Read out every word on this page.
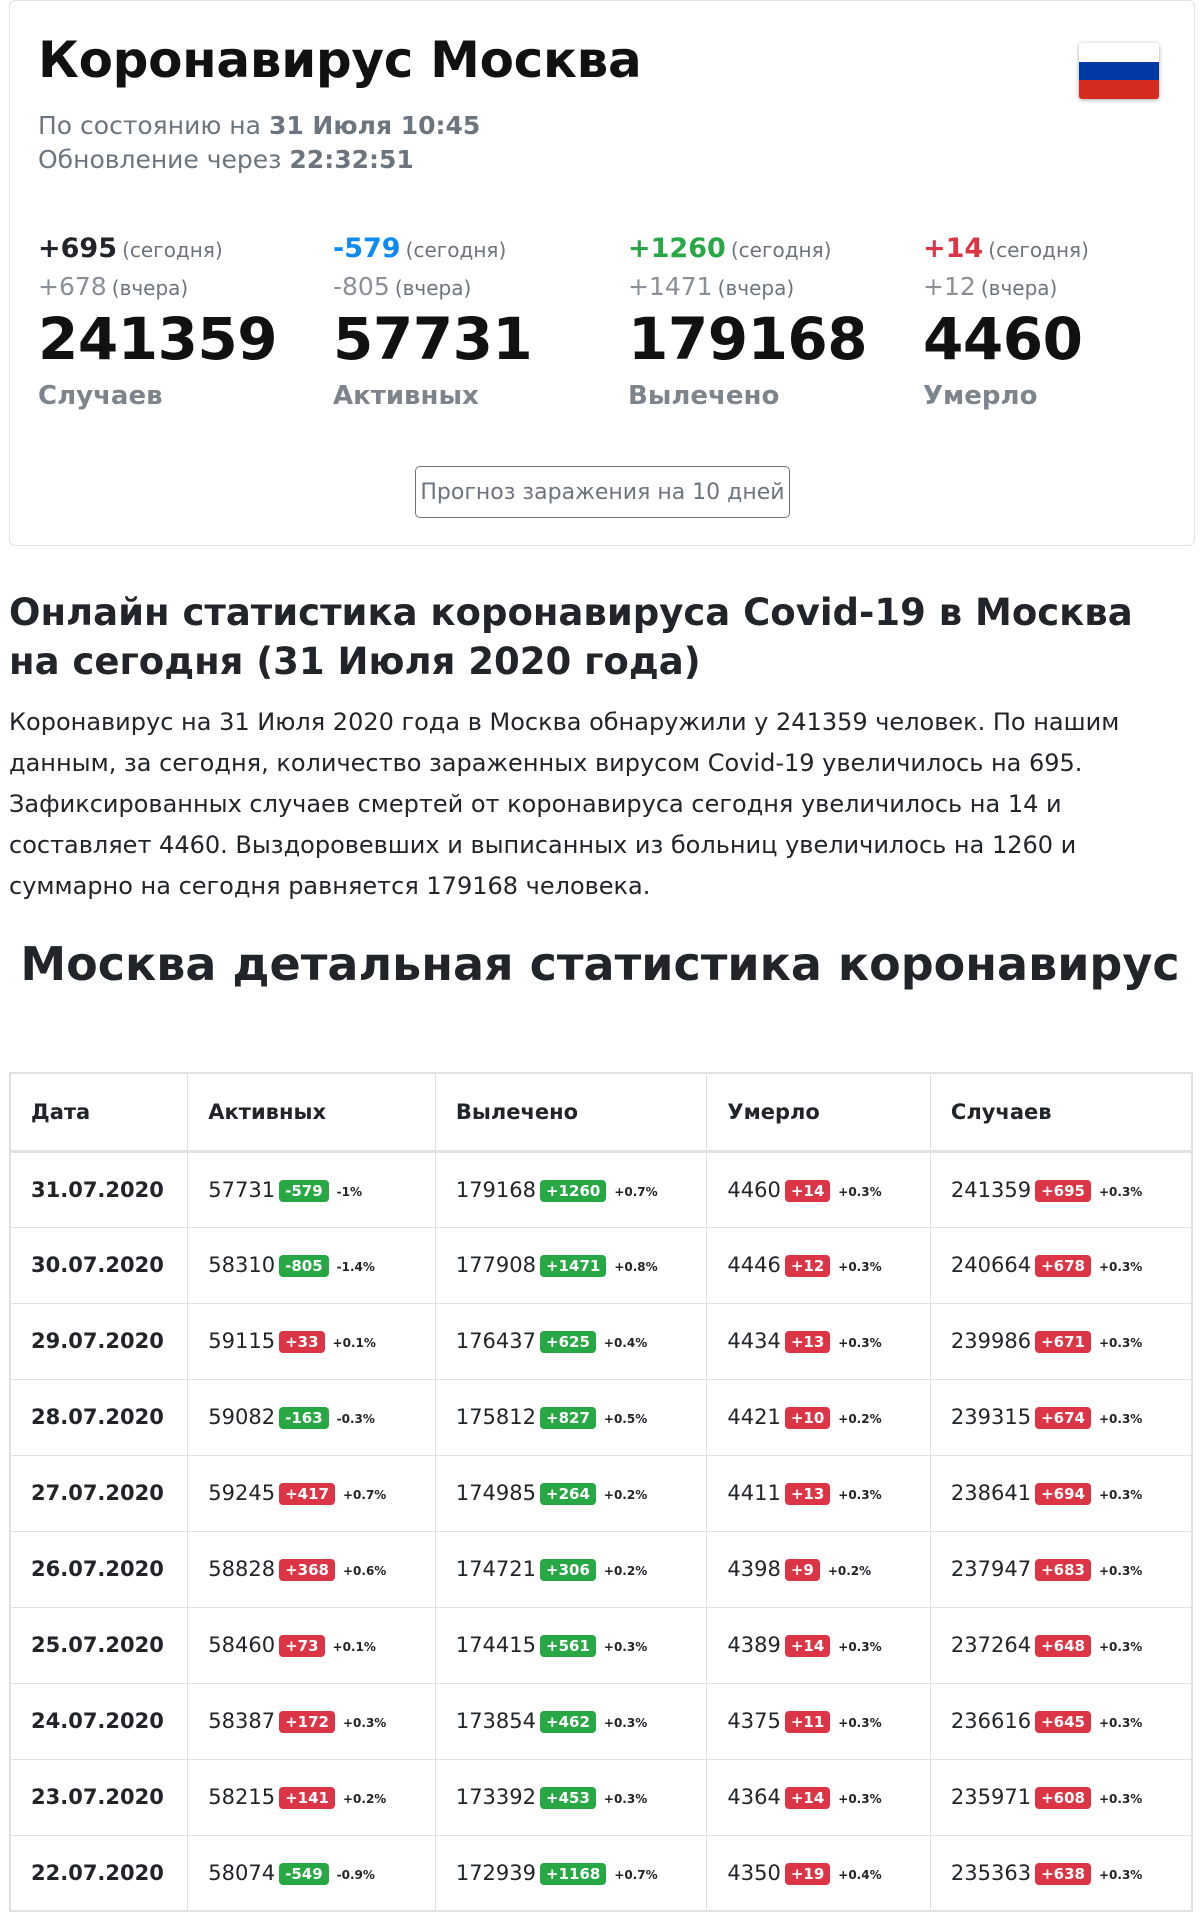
Коронавирус Москва
По состоянию на 31 Июля 10:45
Обновление через 22:32:51
+695 (сегодня)
+678 (вчера)
241359
Случаев
-579 (сегодня)
-805 (вчера)
57731
Активных
+1260 (сегодня)
+1471 (вчера)
179168
Вылечено
+14 (сегодня)
+12 (вчера)
4460
Умерло
Прогноз заражения на 10 дней
Онлайн статистика коронавируса Covid-19 в Москва на сегодня (31 Июля 2020 года)

Коронавирус на 31 Июля 2020 года в Москва обнаружили у 241359 человек. По нашим данным, за сегодня, количество зараженных вирусом Covid-19 увеличилось на 695. Зафиксированных случаев смертей от коронавируса сегодня увеличилось на 14 и составляет 4460. Выздоровевших и выписанных из больниц увеличилось на 1260 и суммарно на сегодня равняется 179168 человека.

Москва детальная статистика коронавирус
Дата	Активных	Вылечено	Умерло	Случаев
31.07.2020	57731 -579 -1%	179168 +1260 +0.7%	4460 +14 +0.3%	241359 +695 +0.3%
30.07.2020	58310 -805 -1.4%	177908 +1471 +0.8%	4446 +12 +0.3%	240664 +678 +0.3%
29.07.2020	59115 +33 +0.1%	176437 +625 +0.4%	4434 +13 +0.3%	239986 +671 +0.3%
28.07.2020	59082 -163 -0.3%	175812 +827 +0.5%	4421 +10 +0.2%	239315 +674 +0.3%
27.07.2020	59245 +417 +0.7%	174985 +264 +0.2%	4411 +13 +0.3%	238641 +694 +0.3%
26.07.2020	58828 +368 +0.6%	174721 +306 +0.2%	4398 +9 +0.2%	237947 +683 +0.3%
25.07.2020	58460 +73 +0.1%	174415 +561 +0.3%	4389 +14 +0.3%	237264 +648 +0.3%
24.07.2020	58387 +172 +0.3%	173854 +462 +0.3%	4375 +11 +0.3%	236616 +645 +0.3%
23.07.2020	58215 +141 +0.2%	173392 +453 +0.3%	4364 +14 +0.3%	235971 +608 +0.3%
22.07.2020	58074 -549 -0.9%	172939 +1168 +0.7%	4350 +19 +0.4%	235363 +638 +0.3%
